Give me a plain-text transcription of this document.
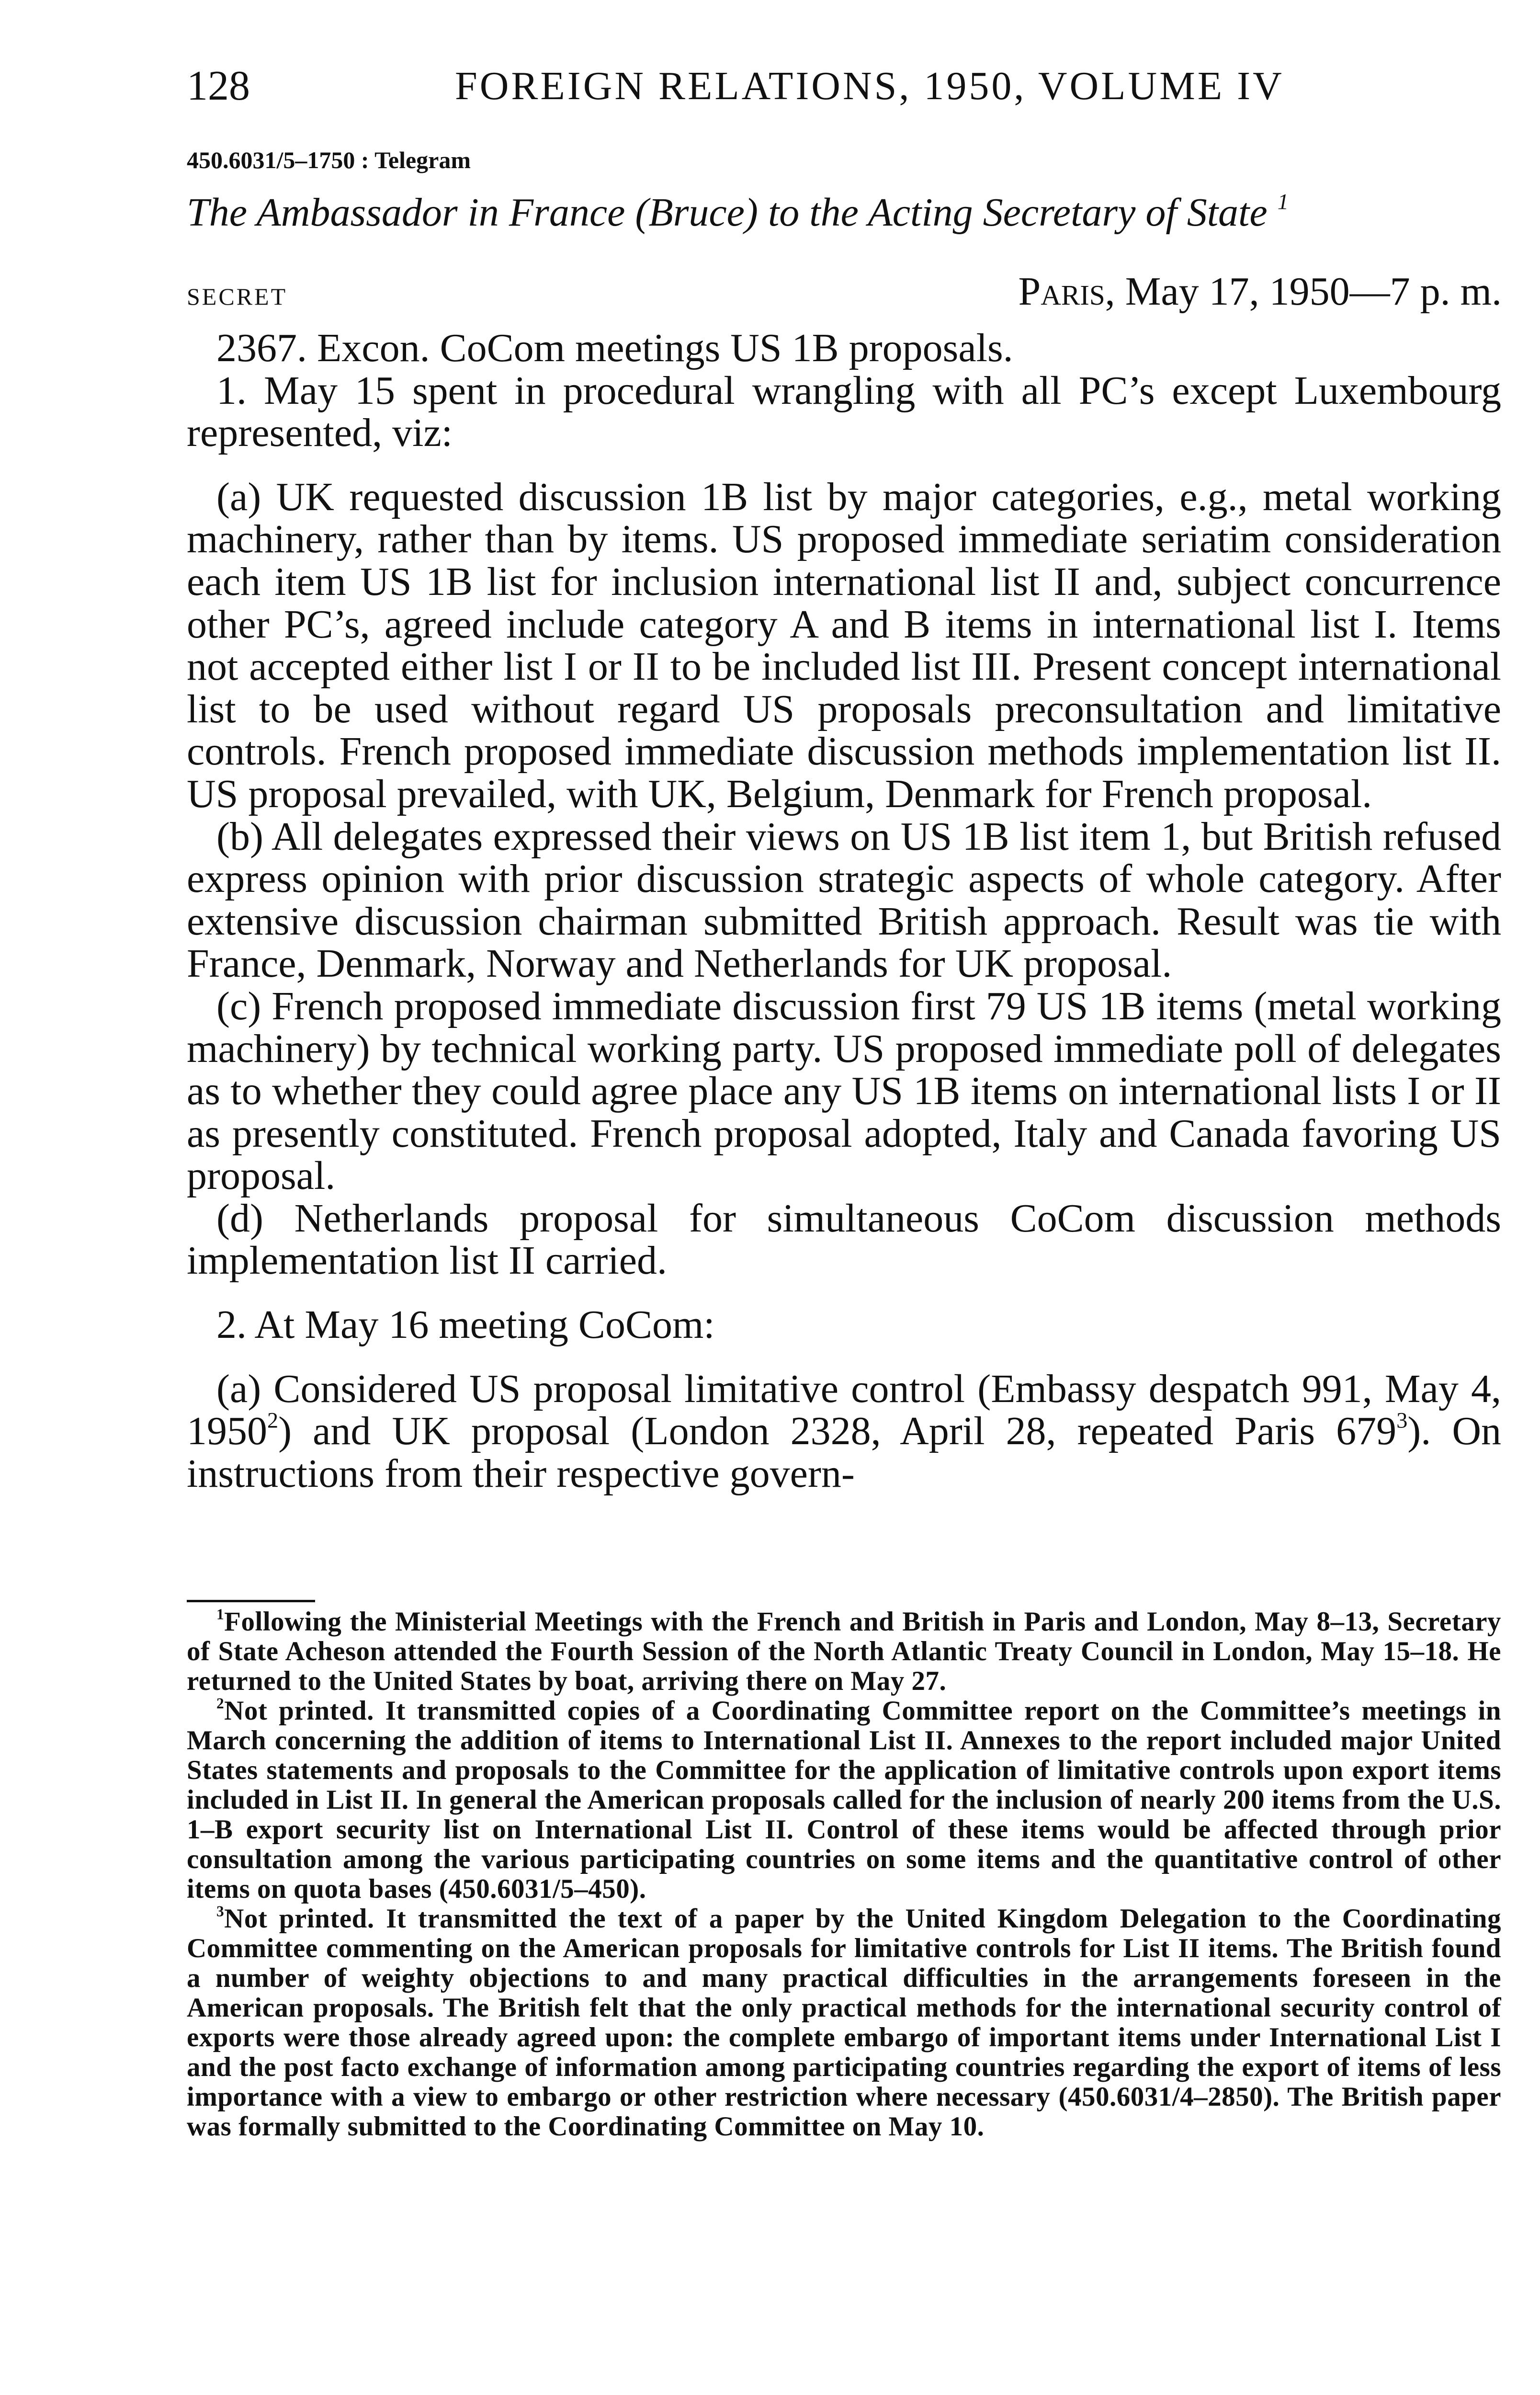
128	FOREIGN RELATIONS, 1950, VOLUME IV
450.6031/5–1750 : Telegram
The Ambassador in France (Bruce) to the Acting Secretary of State $^1$
SECRET	Paris, May 17, 1950—7 p. m.

2367. Excon. CoCom meetings US 1B proposals.

1. May 15 spent in procedural wrangling with all PC’s except Luxembourg represented, viz:

(a) UK requested discussion 1B list by major categories, e.g., metal working machinery, rather than by items. US proposed immediate seriatim consideration each item US 1B list for inclusion international list II and, subject concurrence other PC’s, agreed include category A and B items in international list I. Items not accepted either list I or II to be included list III. Present concept international list to be used without regard US proposals preconsultation and limitative controls. French proposed immediate discussion methods implementation list II. US proposal prevailed, with UK, Belgium, Denmark for French proposal.

(b) All delegates expressed their views on US 1B list item 1, but British refused express opinion with prior discussion strategic aspects of whole category. After extensive discussion chairman submitted British approach. Result was tie with France, Denmark, Norway and Netherlands for UK proposal.

(c) French proposed immediate discussion first 79 US 1B items (metal working machinery) by technical working party. US proposed immediate poll of delegates as to whether they could agree place any US 1B items on international lists I or II as presently constituted. French proposal adopted, Italy and Canada favoring US proposal.

(d) Netherlands proposal for simultaneous CoCom discussion methods implementation list II carried.

2. At May 16 meeting CoCom:

(a) Considered US proposal limitative control (Embassy despatch 991, May 4, 1950$^2$) and UK proposal (London 2328, April 28, repeated Paris $679^3$). On instructions from their respective govern-

$^1$Following the Ministerial Meetings with the French and British in Paris and London, May 8–13, Secretary of State Acheson attended the Fourth Session of the North Atlantic Treaty Council in London, May 15–18. He returned to the United States by boat, arriving there on May 27.

$^2$Not printed. It transmitted copies of a Coordinating Committee report on the Committee’s meetings in March concerning the addition of items to International List II. Annexes to the report included major United States statements and proposals to the Committee for the application of limitative controls upon export items included in List II. In general the American proposals called for the inclusion of nearly 200 items from the U.S. 1–B export security list on International List II. Control of these items would be affected through prior consultation among the various participating countries on some items and the quantitative control of other items on quota bases (450.6031/5–450).

$^3$Not printed. It transmitted the text of a paper by the United Kingdom Delegation to the Coordinating Committee commenting on the American proposals for limitative controls for List II items. The British found a number of weighty objections to and many practical difficulties in the arrangements foreseen in the American proposals. The British felt that the only practical methods for the international security control of exports were those already agreed upon: the complete embargo of important items under International List I and the post facto exchange of information among participating countries regarding the export of items of less importance with a view to embargo or other restriction where necessary (450.6031/4–2850). The British paper was formally submitted to the Coordinating Committee on May 10.
